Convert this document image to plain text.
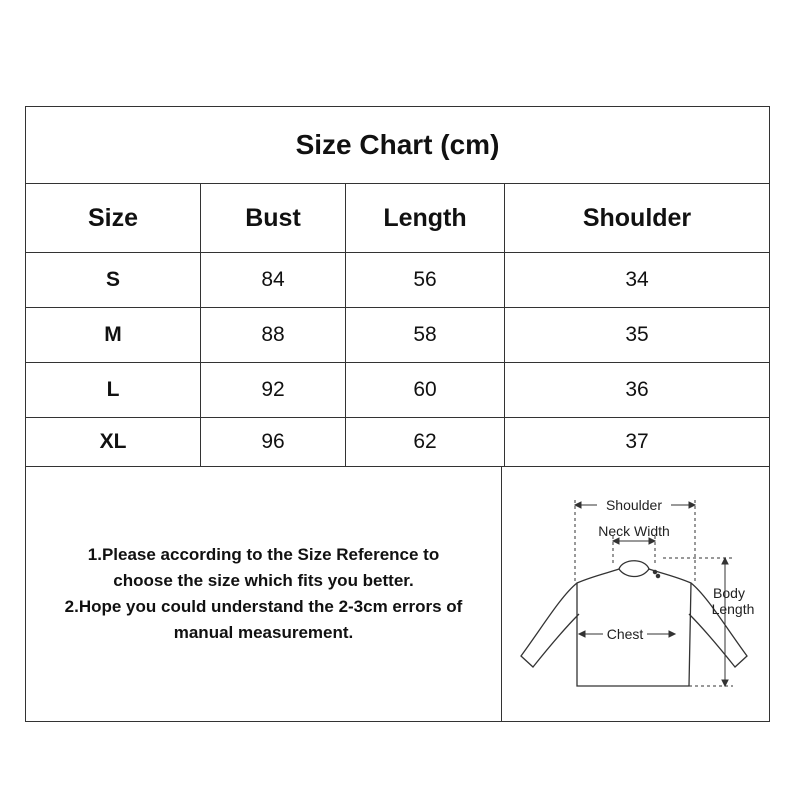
Size Chart (cm)
Size	Bust	Length	Shoulder
S	84	56	34
M	88	58	35
L	92	60	36
XL	96	62	37
1.Please according to the Size Reference to
choose the size which fits you better.
2.Hope you could understand the 2-3cm errors of
manual measurement.
Shoulder
Neck Width
Chest
Body
Length
